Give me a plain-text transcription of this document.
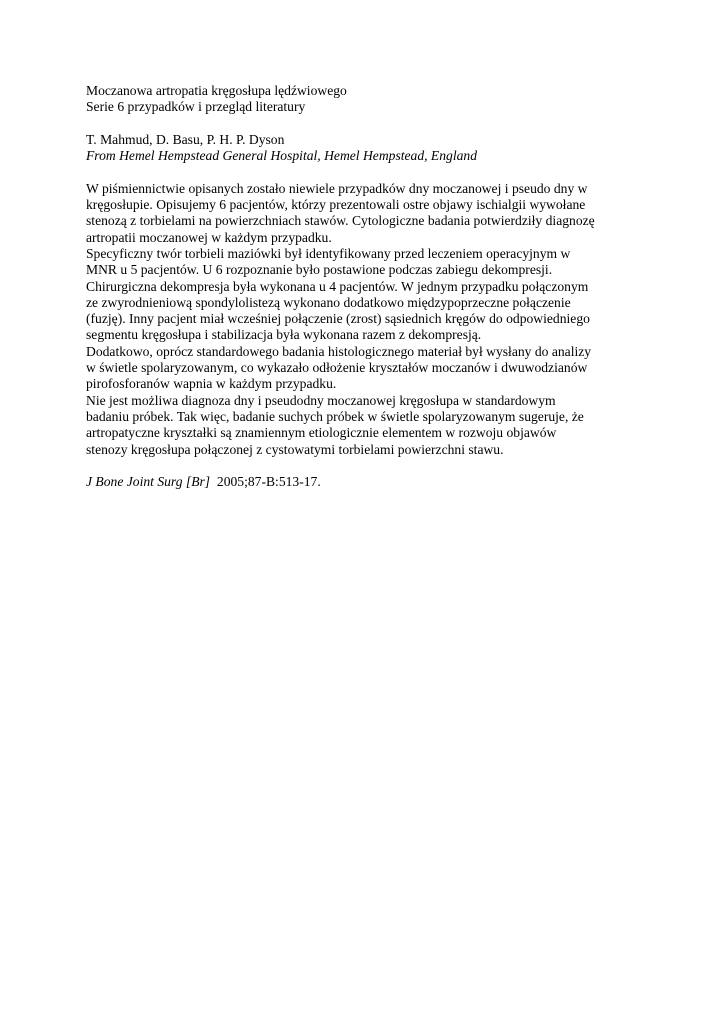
Moczanowa artropatia kręgosłupa lędźwiowego
Serie 6 przypadków i przegląd literatury
T. Mahmud, D. Basu, P. H. P. Dyson
From Hemel Hempstead General Hospital, Hemel Hempstead, England
W piśmiennictwie opisanych zostało niewiele przypadków dny moczanowej i pseudo dny w
kręgosłupie. Opisujemy 6 pacjentów, którzy prezentowali ostre objawy ischialgii wywołane
stenozą z torbielami na powierzchniach stawów. Cytologiczne badania potwierdziły diagnozę
artropatii moczanowej w każdym przypadku.
Specyficzny twór torbieli maziówki był identyfikowany przed leczeniem operacyjnym w
MNR u 5 pacjentów. U 6 rozpoznanie było postawione podczas zabiegu dekompresji.
Chirurgiczna dekompresja była wykonana u 4 pacjentów. W jednym przypadku połączonym
ze zwyrodnieniową spondylolistezą wykonano dodatkowo międzypoprzeczne połączenie
(fuzję). Inny pacjent miał wcześniej połączenie (zrost) sąsiednich kręgów do odpowiedniego
segmentu kręgosłupa i stabilizacja była wykonana razem z dekompresją.
Dodatkowo, oprócz standardowego badania histologicznego materiał był wysłany do analizy
w świetle spolaryzowanym, co wykazało odłożenie kryształów moczanów i dwuwodzianów
pirofosforanów wapnia w każdym przypadku.
Nie jest możliwa diagnoza dny i pseudodny moczanowej kręgosłupa w standardowym
badaniu próbek. Tak więc, badanie suchych próbek w świetle spolaryzowanym sugeruje, że
artropatyczne kryształki są znamiennym etiologicznie elementem w rozwoju objawów
stenozy kręgosłupa połączonej z cystowatymi torbielami powierzchni stawu.
J Bone Joint Surg [Br] 2005;87-B:513-17.
